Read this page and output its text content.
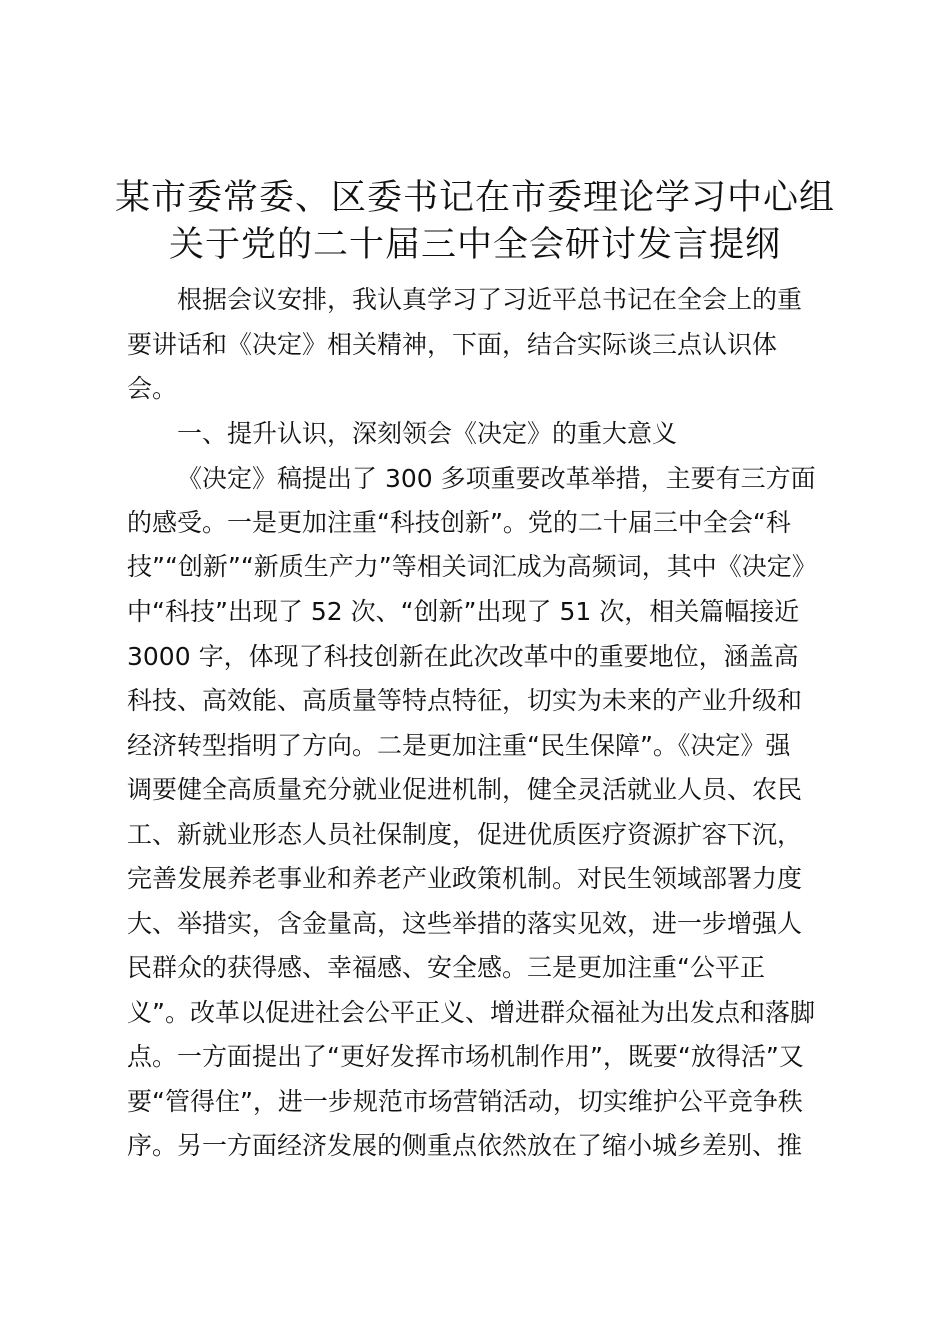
某市委常委、区委书记在市委理论学习中心组
关于党的二十届三中全会研讨发言提纲
根据会议安排，我认真学习了习近平总书记在全会上的重
要讲话和《决定》相关精神，下面，结合实际谈三点认识体
会。
一、提升认识，深刻领会《决定》的重大意义
《决定》稿提出了 300 多项重要改革举措，主要有三方面
的感受。一是更加注重“科技创新”。党的二十届三中全会“科
技”“创新”“新质生产力”等相关词汇成为高频词，其中《决定》
中“科技”出现了 52 次、“创新”出现了 51 次，相关篇幅接近
3000 字，体现了科技创新在此次改革中的重要地位，涵盖高
科技、高效能、高质量等特点特征，切实为未来的产业升级和
经济转型指明了方向。二是更加注重“民生保障”。《决定》强
调要健全高质量充分就业促进机制，健全灵活就业人员、农民
工、新就业形态人员社保制度，促进优质医疗资源扩容下沉，
完善发展养老事业和养老产业政策机制。对民生领域部署力度
大、举措实，含金量高，这些举措的落实见效，进一步增强人
民群众的获得感、幸福感、安全感。三是更加注重“公平正
义”。改革以促进社会公平正义、增进群众福祉为出发点和落脚
点。一方面提出了“更好发挥市场机制作用”，既要“放得活”又
要“管得住”，进一步规范市场营销活动，切实维护公平竞争秩
序。另一方面经济发展的侧重点依然放在了缩小城乡差别、推
